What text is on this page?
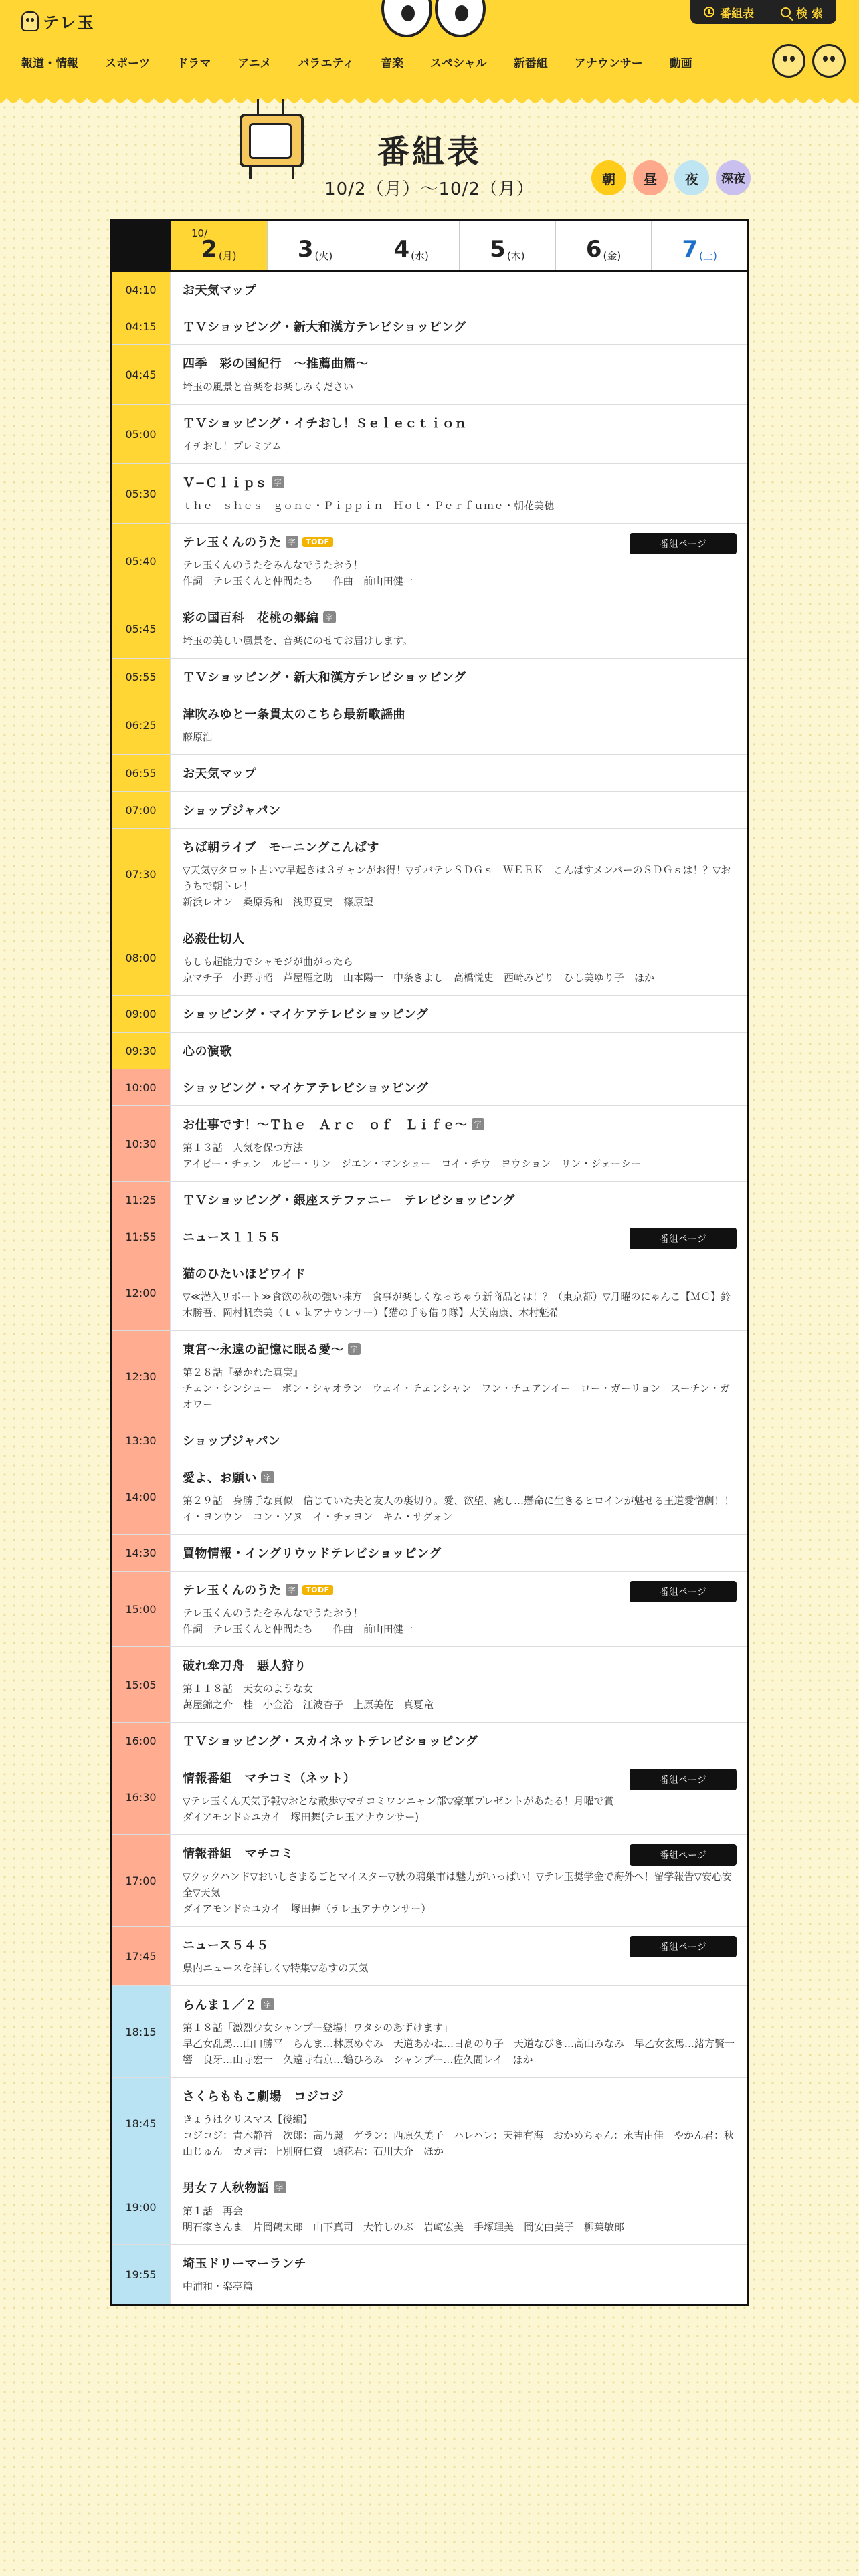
テレ玉	番組表	検 索
報道・情報 スポーツ ドラマ アニメ バラエティ 音楽 スペシャル 新番組 アナウンサー 動画
番組表
10/2（月）〜10/2（月）
朝	昼	夜	深夜
10/
2 (月)	3 (火)	4 (水)	5 (木)	6 (金)	7 (土)
04:10	お天気マップ
04:15	ＴＶショッピング・新大和漢方テレビショッピング
04:45
四季　彩の国紀行　〜推薦曲篇〜
埼玉の風景と音楽をお楽しみください
05:00
ＴＶショッピング・イチおし！Ｓｅｌｅｃｔｉｏｎ
イチおし！プレミアム
05:30
Ｖ−Ｃｌｉｐｓ 字
ｔｈｅ　ｓｈｅｓ　ｇｏｎｅ・Ｐｉｐｐｉｎ　Ｈｏｔ・Ｐｅｒｆｕｍｅ・朝花美穂
05:40
テレ玉くんのうた 字	TODF
テレ玉くんのうたをみんなでうたおう！
作詞　テレ玉くんと仲間たち　　作曲　前山田健一
番組ページ
05:45
彩の国百科　花桃の郷編 字
埼玉の美しい風景を、音楽にのせてお届けします。
05:55	ＴＶショッピング・新大和漢方テレビショッピング
06:25
津吹みゆと一条貫太のこちら最新歌謡曲
藤原浩
06:55	お天気マップ
07:00	ショップジャパン
07:30
ちば朝ライブ　モーニングこんぱす
▽天気▽タロット占い▽早起きは３チャンがお得！▽チバテレＳＤＧｓ　ＷＥＥＫ　こんぱすメンバーのＳＤＧｓは！？▽おうちで朝トレ！
新浜レオン　桑原秀和　浅野夏実　篠原望
08:00
必殺仕切人
もしも超能力でシャモジが曲がったら
京マチ子　小野寺昭　芦屋雁之助　山本陽一　中条きよし　高橋悦史　西崎みどり　ひし美ゆり子　ほか
09:00	ショッピング・マイケアテレビショッピング
09:30	心の演歌
10:00	ショッピング・マイケアテレビショッピング
10:30
お仕事です！〜Ｔｈｅ　Ａｒｃ　ｏｆ　Ｌｉｆｅ〜 字
第１３話　人気を保つ方法
アイビー・チェン　ルビー・リン　ジエン・マンシュー　ロイ・チウ　ヨウション　リン・ジェーシー
11:25	ＴＶショッピング・銀座ステファニー　テレビショッピング
11:55	ニュース１１５５	番組ページ
12:00
猫のひたいほどワイド
▽≪潜入リポート≫食欲の秋の強い味方　食事が楽しくなっちゃう新商品とは！？（東京都）▽月曜のにゃんこ【ＭＣ】鈴木勝吾、岡村帆奈美（ｔｖｋアナウンサー）【猫の手も借り隊】大笑南康、木村魁希
12:30
東宮〜永遠の記憶に眠る愛〜 字
第２８話『暴かれた真実』
チェン・シンシュー　ポン・シャオラン　ウェイ・チェンシャン　ワン・チュアンイー　ロー・ガーリョン　スーチン・ガオワー
13:30	ショップジャパン
14:00
愛よ、お願い 字
第２９話　身勝手な真似　信じていた夫と友人の裏切り。愛、欲望、癒し…懸命に生きるヒロインが魅せる王道愛憎劇！！
イ・ヨンウン　コン・ソヌ　イ・チェヨン　キム・サグォン
14:30	買物情報・イングリウッドテレビショッピング
15:00
テレ玉くんのうた 字	TODF
テレ玉くんのうたをみんなでうたおう！
作詞　テレ玉くんと仲間たち　　作曲　前山田健一
番組ページ
15:05
破れ傘刀舟　悪人狩り
第１１８話　天女のような女
萬屋錦之介　桂　小金治　江波杏子　上原美佐　真夏竜
16:00	ＴＶショッピング・スカイネットテレビショッピング
16:30
情報番組　マチコミ（ネット）
▽テレ玉くん天気予報▽おとな散歩▽マチコミワンニャン部▽豪華プレゼントがあたる！月曜で賞
ダイアモンド☆ユカイ　塚田舞(テレ玉アナウンサー)
番組ページ
17:00
情報番組　マチコミ
▽クックハンド▽おいしさまるごとマイスター▽秋の鴻巣市は魅力がいっぱい！▽テレ玉奨学金で海外へ！留学報告▽安心安全▽天気
ダイアモンド☆ユカイ　塚田舞（テレ玉アナウンサー）
番組ページ
17:45
ニュース５４５
県内ニュースを詳しく▽特集▽あすの天気
番組ページ
18:15
らんま１／２ 字
第１８話「激烈少女シャンプー登場！ワタシのあずけます」
早乙女乱馬…山口勝平　らんま…林原めぐみ　天道あかね…日髙のり子　天道なびき…高山みなみ　早乙女玄馬…緒方賢一　響　良牙…山寺宏一　久遠寺右京…鶴ひろみ　シャンプー…佐久間レイ　ほか
18:45
さくらももこ劇場　コジコジ
きょうはクリスマス【後編】
コジコジ：青木静香　次郎：高乃麗　ゲラン：西原久美子　ハレハレ：天神有海　おかめちゃん：永吉由佳　やかん君：秋山じゅん　カメ吉：上別府仁資　頭花君：石川大介　ほか
19:00
男女７人秋物語 字
第１話　再会
明石家さんま　片岡鶴太郎　山下真司　大竹しのぶ　岩崎宏美　手塚理美　岡安由美子　柳葉敏郎
19:55
埼玉ドリーマーランチ
中浦和・楽亭篇
